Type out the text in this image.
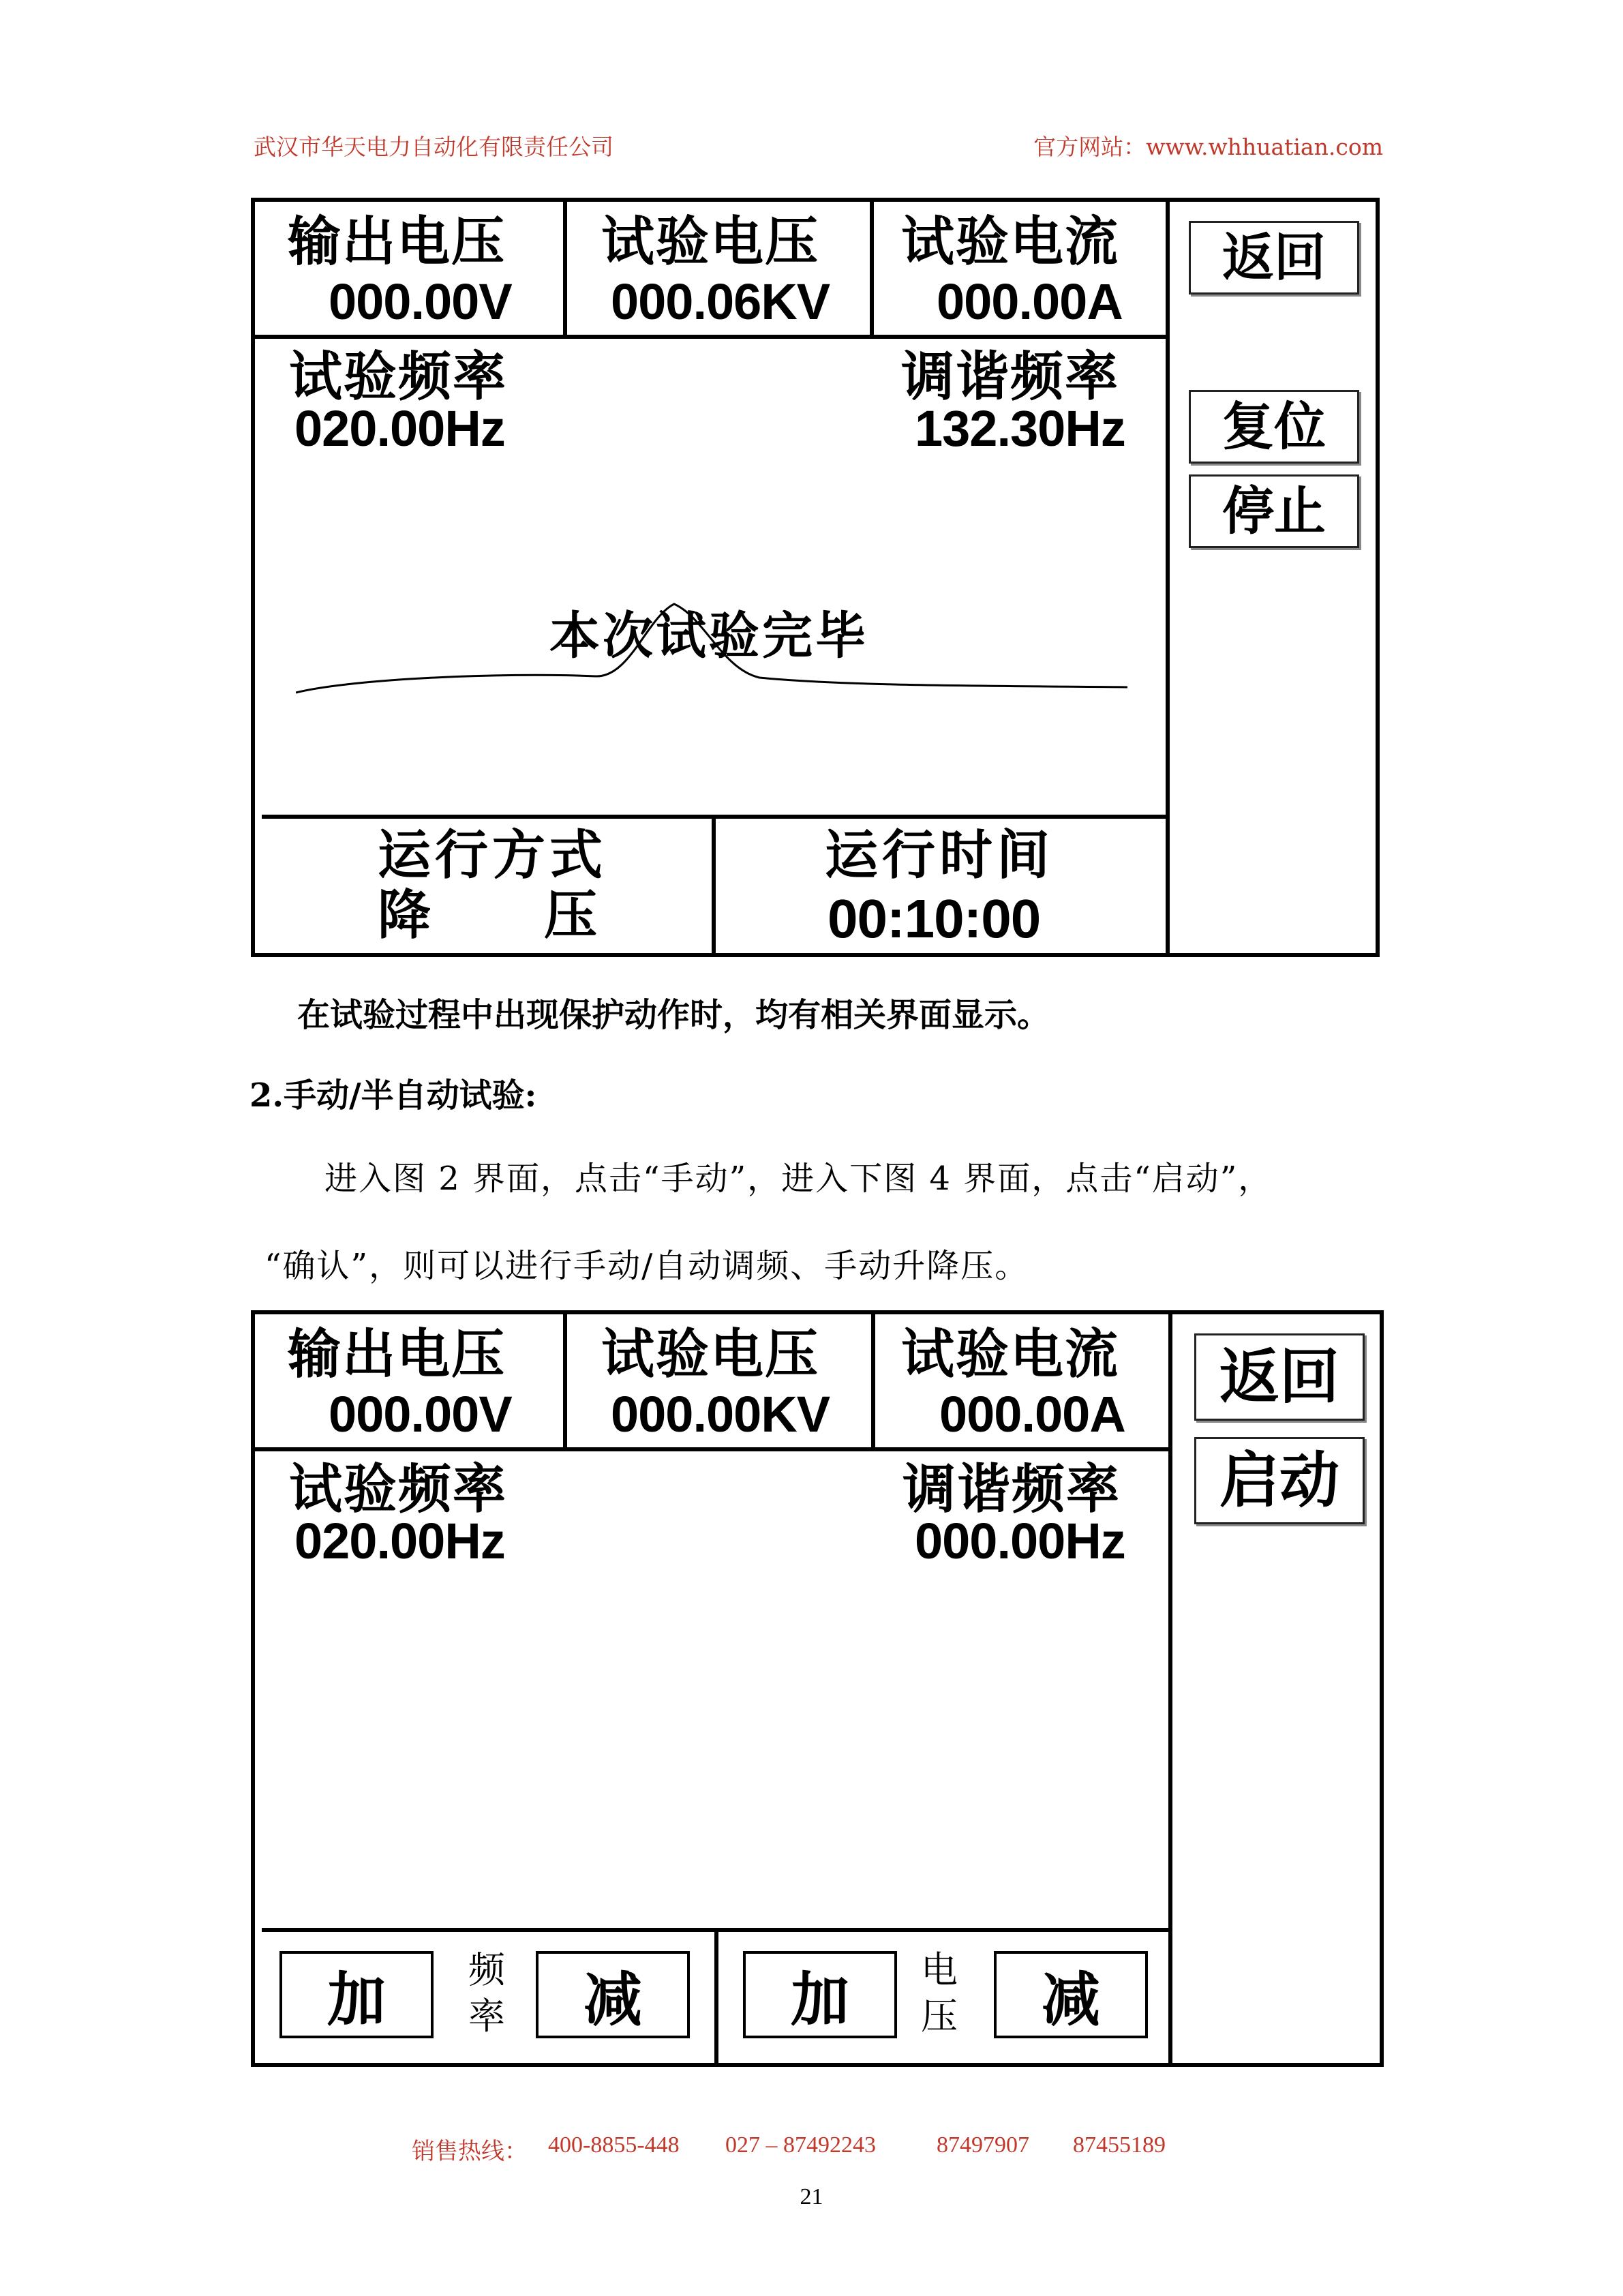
武汉市华天电力自动化有限责任公司	官方网站：www.whhuatian.com
输出电压
000.00V
试验电压
000.06KV
试验电流
000.00A
试验频率
020.00Hz
调谐频率
132.30Hz
本次试验完毕
运行方式
降 压
运行时间
00:10:00
返回
复位
停止
在试验过程中出现保护动作时，均有相关界面显示。
2.手动/半自动试验:
进入图 2 界面，点击“手动”，进入下图 4 界面，点击“启动”，
“确认”，则可以进行手动/自动调频、手动升降压。
输出电压
000.00V
试验电压
000.00KV
试验电流
000.00A
试验频率
020.00Hz
调谐频率
000.00Hz
返回
启动
加	频
率	减	加	电
压	减
销售热线： 400-8855-448 027 – 87492243	87497907 87455189
21
